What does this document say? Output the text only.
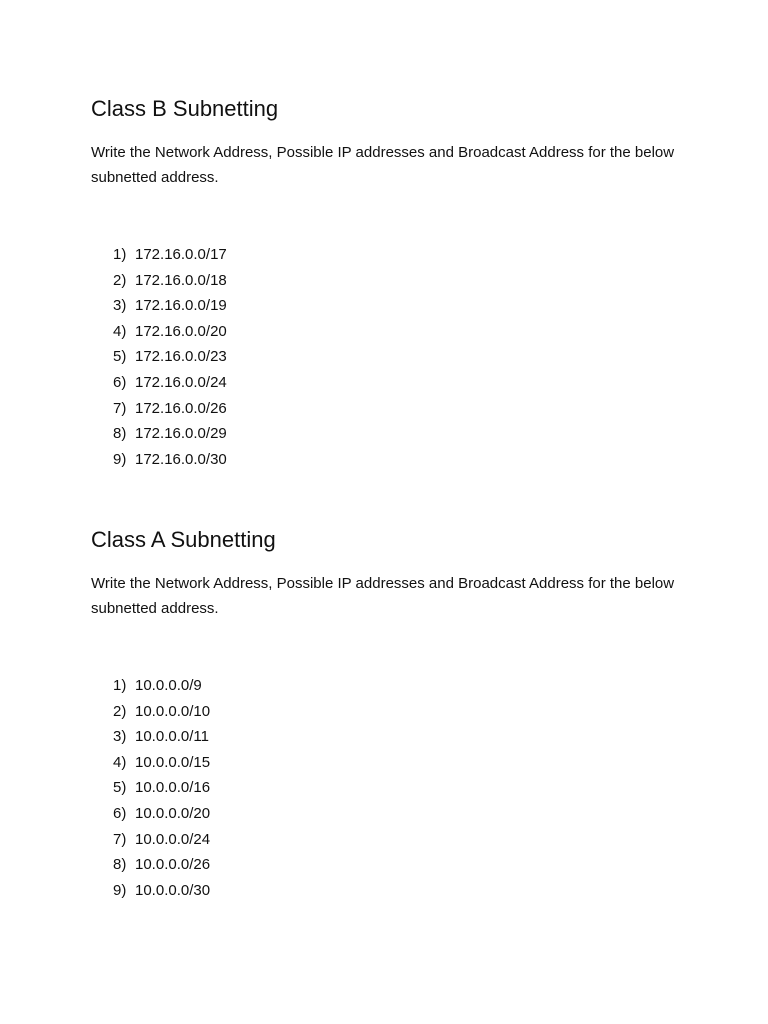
Class B Subnetting

Write the Network Address, Possible IP addresses and Broadcast Address for the below subnetted address.

1) 172.16.0.0/17
2) 172.16.0.0/18
3) 172.16.0.0/19
4) 172.16.0.0/20
5) 172.16.0.0/23
6) 172.16.0.0/24
7) 172.16.0.0/26
8) 172.16.0.0/29
9) 172.16.0.0/30
Class A Subnetting

Write the Network Address, Possible IP addresses and Broadcast Address for the below subnetted address.

1) 10.0.0.0/9
2) 10.0.0.0/10
3) 10.0.0.0/11
4) 10.0.0.0/15
5) 10.0.0.0/16
6) 10.0.0.0/20
7) 10.0.0.0/24
8) 10.0.0.0/26
9) 10.0.0.0/30
